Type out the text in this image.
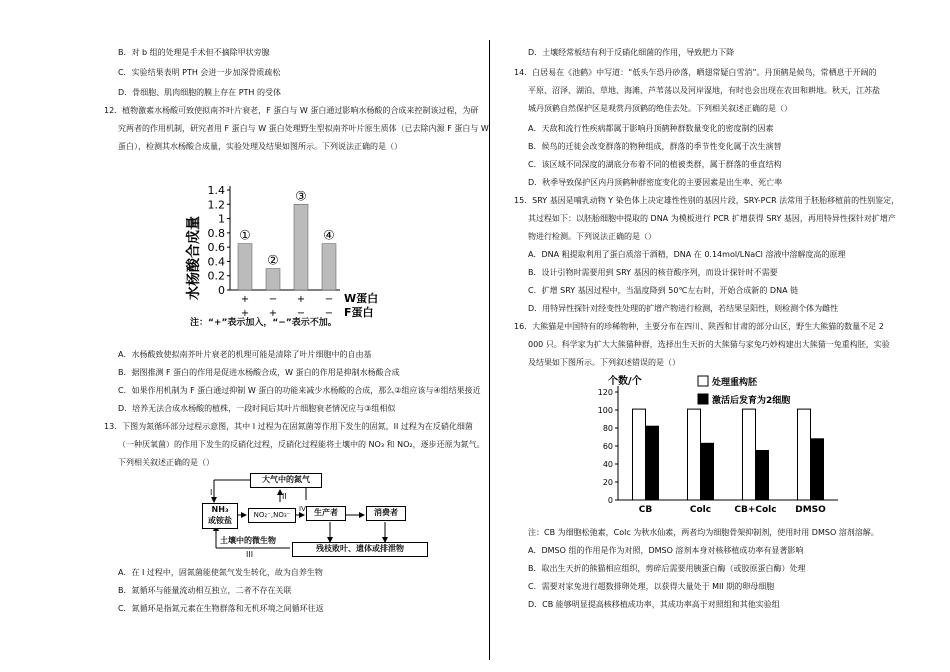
B．对 b 组的处理是手术但不摘除甲状旁腺
C．实验结果表明 PTH 会进一步加深骨质疏松
D．骨细胞、肌肉细胞的膜上存在 PTH 的受体
12．植物激素水杨酸可致使拟南芥叶片衰老，F 蛋白与 W 蛋白通过影响水杨酸的合成来控制该过程，为研
究两者的作用机制，研究者用 F 蛋白与 W 蛋白处理野生型拟南芥叶片原生质体（已去除内源 F 蛋白与 W
蛋白），检测其水杨酸合成量，实验处理及结果如图所示。下列说法正确的是（）
水杨酸合成量 0
0.2
0.4
0.6
0.8
1
1.2
1.4
①
②
③
④
+ − + −
+ + − −
W蛋白
F蛋白
注：“+”表示加入，“−”表示不加。
A．水杨酸致使拟南芥叶片衰老的机理可能是清除了叶片细胞中的自由基
B．据图推测 F 蛋白的作用是促进水杨酸合成，W 蛋白的作用是抑制水杨酸合成
C．如果作用机制为 F 蛋白通过抑制 W 蛋白的功能来减少水杨酸的合成，那么②组应该与④组结果接近
D．培养无法合成水杨酸的植株，一段时间后其叶片细胞衰老情况应与③组相似
13．下图为氮循环部分过程示意图，其中 I 过程为在固氮菌等作用下发生的固氮，II 过程为在反硝化细菌
（一种厌氧菌）的作用下发生的反硝化过程，反硝化过程能将土壤中的 NO₃ 和 NO₂，逐步还原为氮气。
下列相关叙述正确的是（）
大气中的氮气
NH₃
或铵盐
NO₂⁻,NO₃⁻	生产者	消费者
土壤中的微生物
残枝败叶、遗体或排泄物
I	II
III
IV
A．在 I 过程中，固氮菌能使氮气发生转化，故为自养生物
B．氮循环与能量流动相互独立，二者不存在关联
C．氮循环是指氮元素在生物群落和无机环境之间循环往返
D．土壤经常板结有利于反硝化细菌的作用，导致肥力下降
14．白居易在《池鹤》中写道：“低头乍恐丹砂落，晒翅常疑白雪消”。丹顶鹤是候鸟，常栖息于开阔的
平原、沼泽、湖泊、草地、海滩、芦苇荡以及河岸湿地，有时也会出现在农田和耕地。秋天，江苏盐
城丹顶鹤自然保护区是观赏丹顶鹤的绝佳去处。下列相关叙述正确的是（）
A．天敌和流行性疾病都属于影响丹顶鹤种群数量变化的密度制约因素
B．候鸟的迁徙会改变群落的物种组成，群落的季节性变化属于次生演替
C．该区域不同深度的湖底分布着不同的植被类群，属于群落的垂直结构
D．秋季导致保护区内丹顶鹤种群密度变化的主要因素是出生率、死亡率
15．SRY 基因是哺乳动物 Y 染色体上决定雄性性别的基因片段，SRY-PCR 法常用于胚胎移植前的性别鉴定，
其过程如下：以胚胎细胞中提取的 DNA 为模板进行 PCR 扩增获得 SRY 基因，再用特异性探针对扩增产
物进行检测。下列说法正确的是（）
A．DNA 粗提取利用了蛋白质溶于酒精，DNA 在 0.14mol/LNaCl 溶液中溶解度高的原理
B．设计引物时需要用到 SRY 基因的核苷酸序列，而设计探针时不需要
C．扩增 SRY 基因过程中，当温度降到 50℃左右时，开始合成新的 DNA 链
D．用特异性探针对经变性处理的扩增产物进行检测，若结果呈阳性，则检测个体为雌性
16．大熊猫是中国特有的珍稀物种，主要分布在四川、陕西和甘肃的部分山区，野生大熊猫的数量不足 2
000 只。科学家为扩大大熊猫种群，选择出生天折的大熊猫与家兔巧妙构建出大熊猫一兔重构胚，实验
及结果如下图所示。下列叙述错误的是（）
个数/个
0
20
40
60
80
100
120
CB	Colc	CB+Colc DMSO
处理重构胚
激活后发育为2细胞
注：CB 为细胞松弛素，Colc 为秋水仙素，两者均为细胞骨架抑制剂，使用时用 DMSO 溶剂溶解。
A．DMSO 组的作用是作为对照，DMSO 溶剂本身对核移植成功率有显著影响
B．取出生天折的熊猫相应组织，剪碎后需要用胰蛋白酶（或胶原蛋白酶）处理
C．需要对家兔进行超数排卵处理，以获得大量处于 MII 期的卵母细胞
D．CB 能够明显提高核移植成功率，其成功率高于对照组和其他实验组
